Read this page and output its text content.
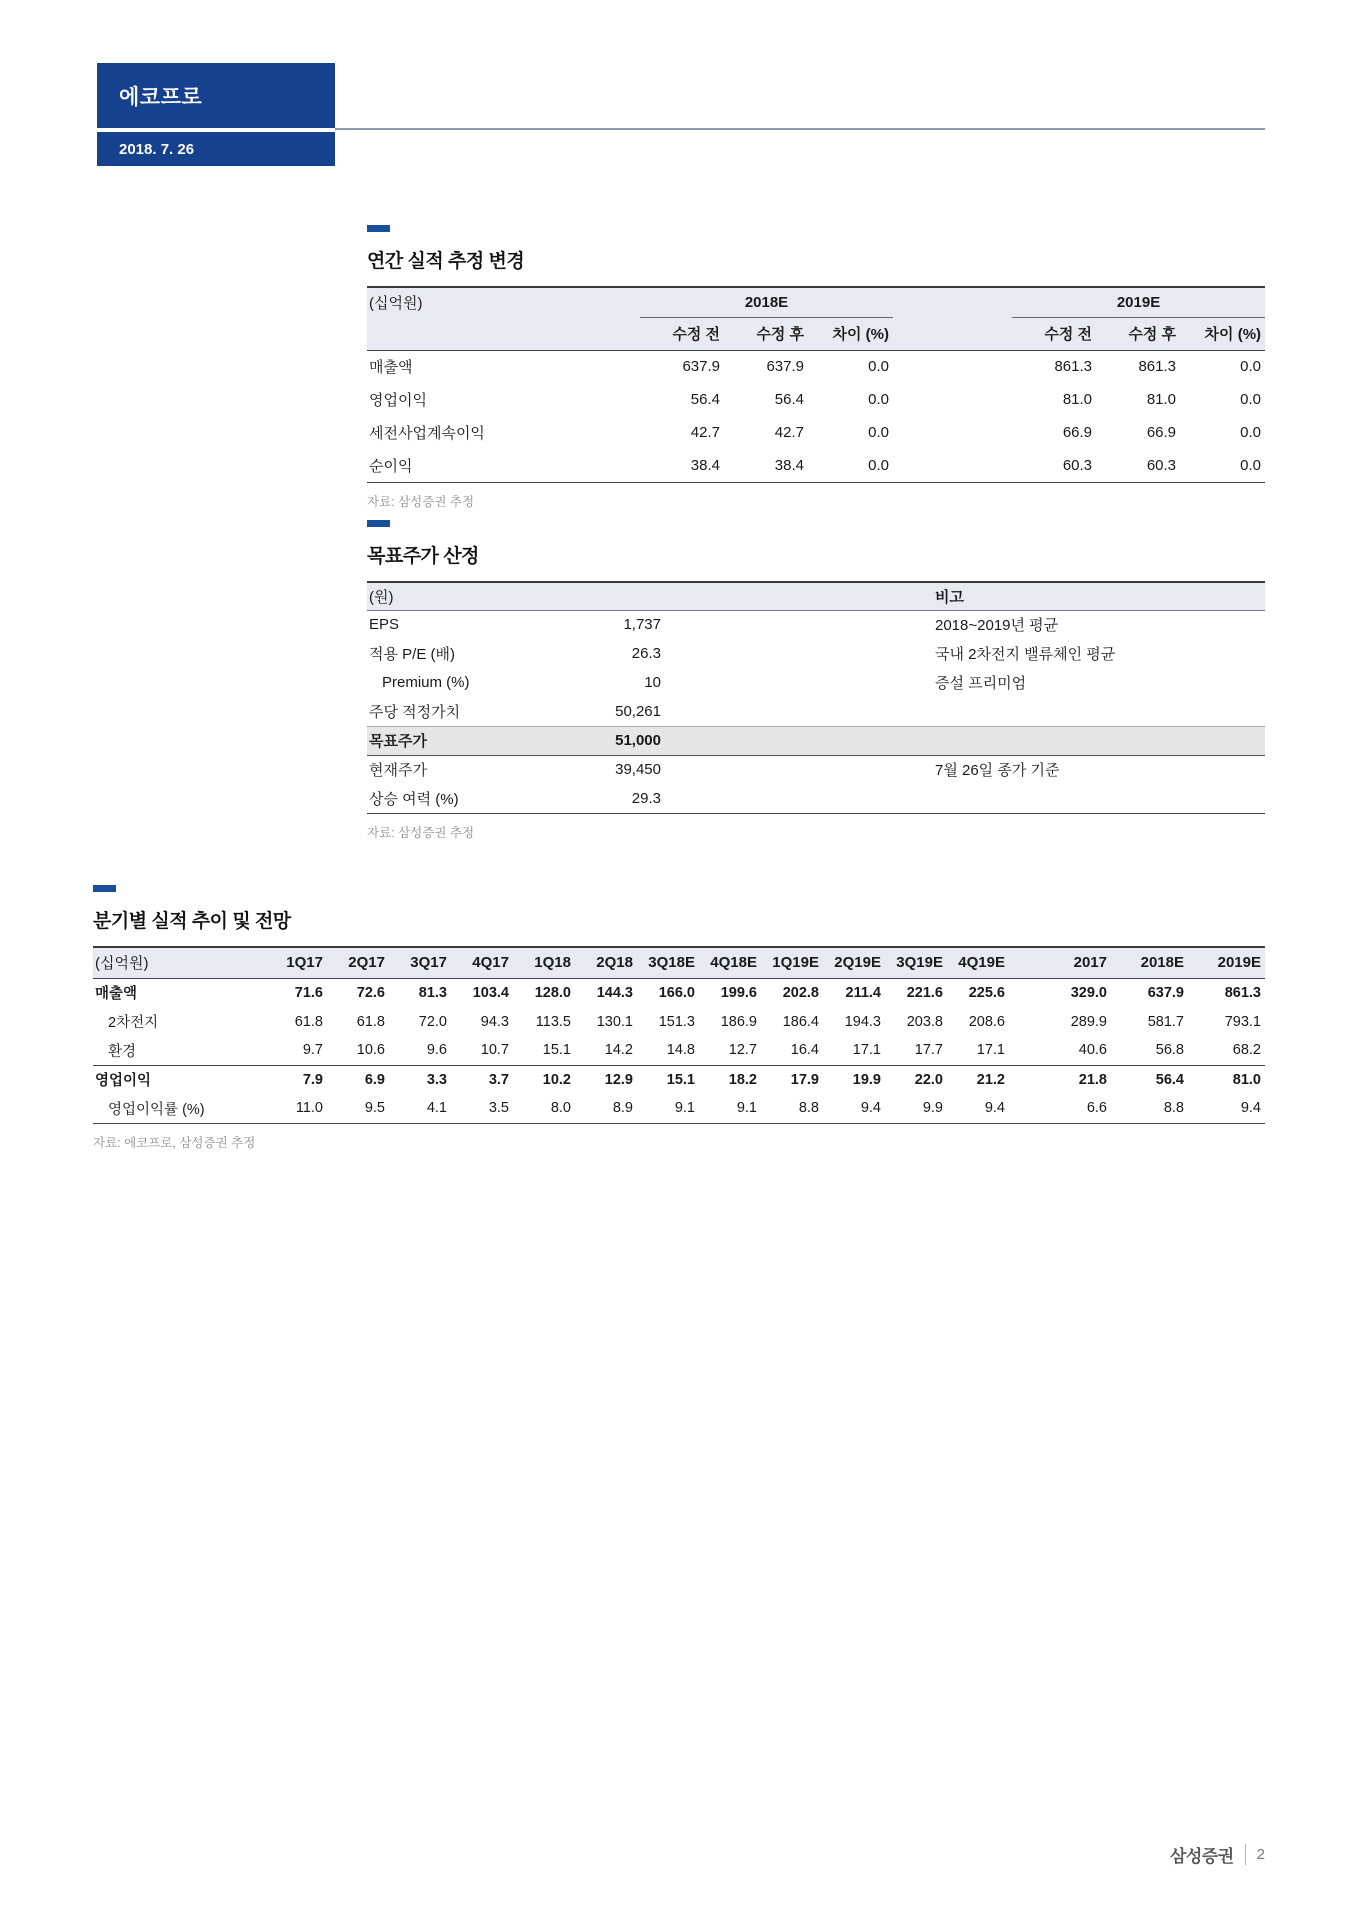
에코프로
2018. 7. 26
연간 실적 추정 변경
(십억원)	2018E				2019E		
	수정 전	수정 후	차이 (%)		수정 전	수정 후	차이 (%)
매출액	637.9	637.9	0.0		861.3	861.3	0.0
영업이익	56.4	56.4	0.0		81.0	81.0	0.0
세전사업계속이익	42.7	42.7	0.0		66.9	66.9	0.0
순이익	38.4	38.4	0.0		60.3	60.3	0.0
자료: 삼성증권 추정
목표주가 산정
(원)			비고
EPS	1,737		2018~2019년 평균
적용 P/E (배)	26.3		국내 2차전지 밸류체인 평균
Premium (%)	10		증설 프리미엄
주당 적정가치	50,261		
목표주가	51,000		
현재주가	39,450		7월 26일 종가 기준
상승 여력 (%)	29.3		
자료: 삼성증권 추정
분기별 실적 추이 및 전망
(십억원)	1Q17	2Q17	3Q17	4Q17	1Q18	2Q18	3Q18E	4Q18E	1Q19E	2Q19E	3Q19E	4Q19E		2017	2018E	2019E
매출액	71.6	72.6	81.3	103.4	128.0	144.3	166.0	199.6	202.8	211.4	221.6	225.6		329.0	637.9	861.3
2차전지	61.8	61.8	72.0	94.3	113.5	130.1	151.3	186.9	186.4	194.3	203.8	208.6		289.9	581.7	793.1
환경	9.7	10.6	9.6	10.7	15.1	14.2	14.8	12.7	16.4	17.1	17.7	17.1		40.6	56.8	68.2
영업이익	7.9	6.9	3.3	3.7	10.2	12.9	15.1	18.2	17.9	19.9	22.0	21.2		21.8	56.4	81.0
영업이익률 (%)	11.0	9.5	4.1	3.5	8.0	8.9	9.1	9.1	8.8	9.4	9.9	9.4		6.6	8.8	9.4
자료: 에코프로, 삼성증권 추정
삼성증권 2
